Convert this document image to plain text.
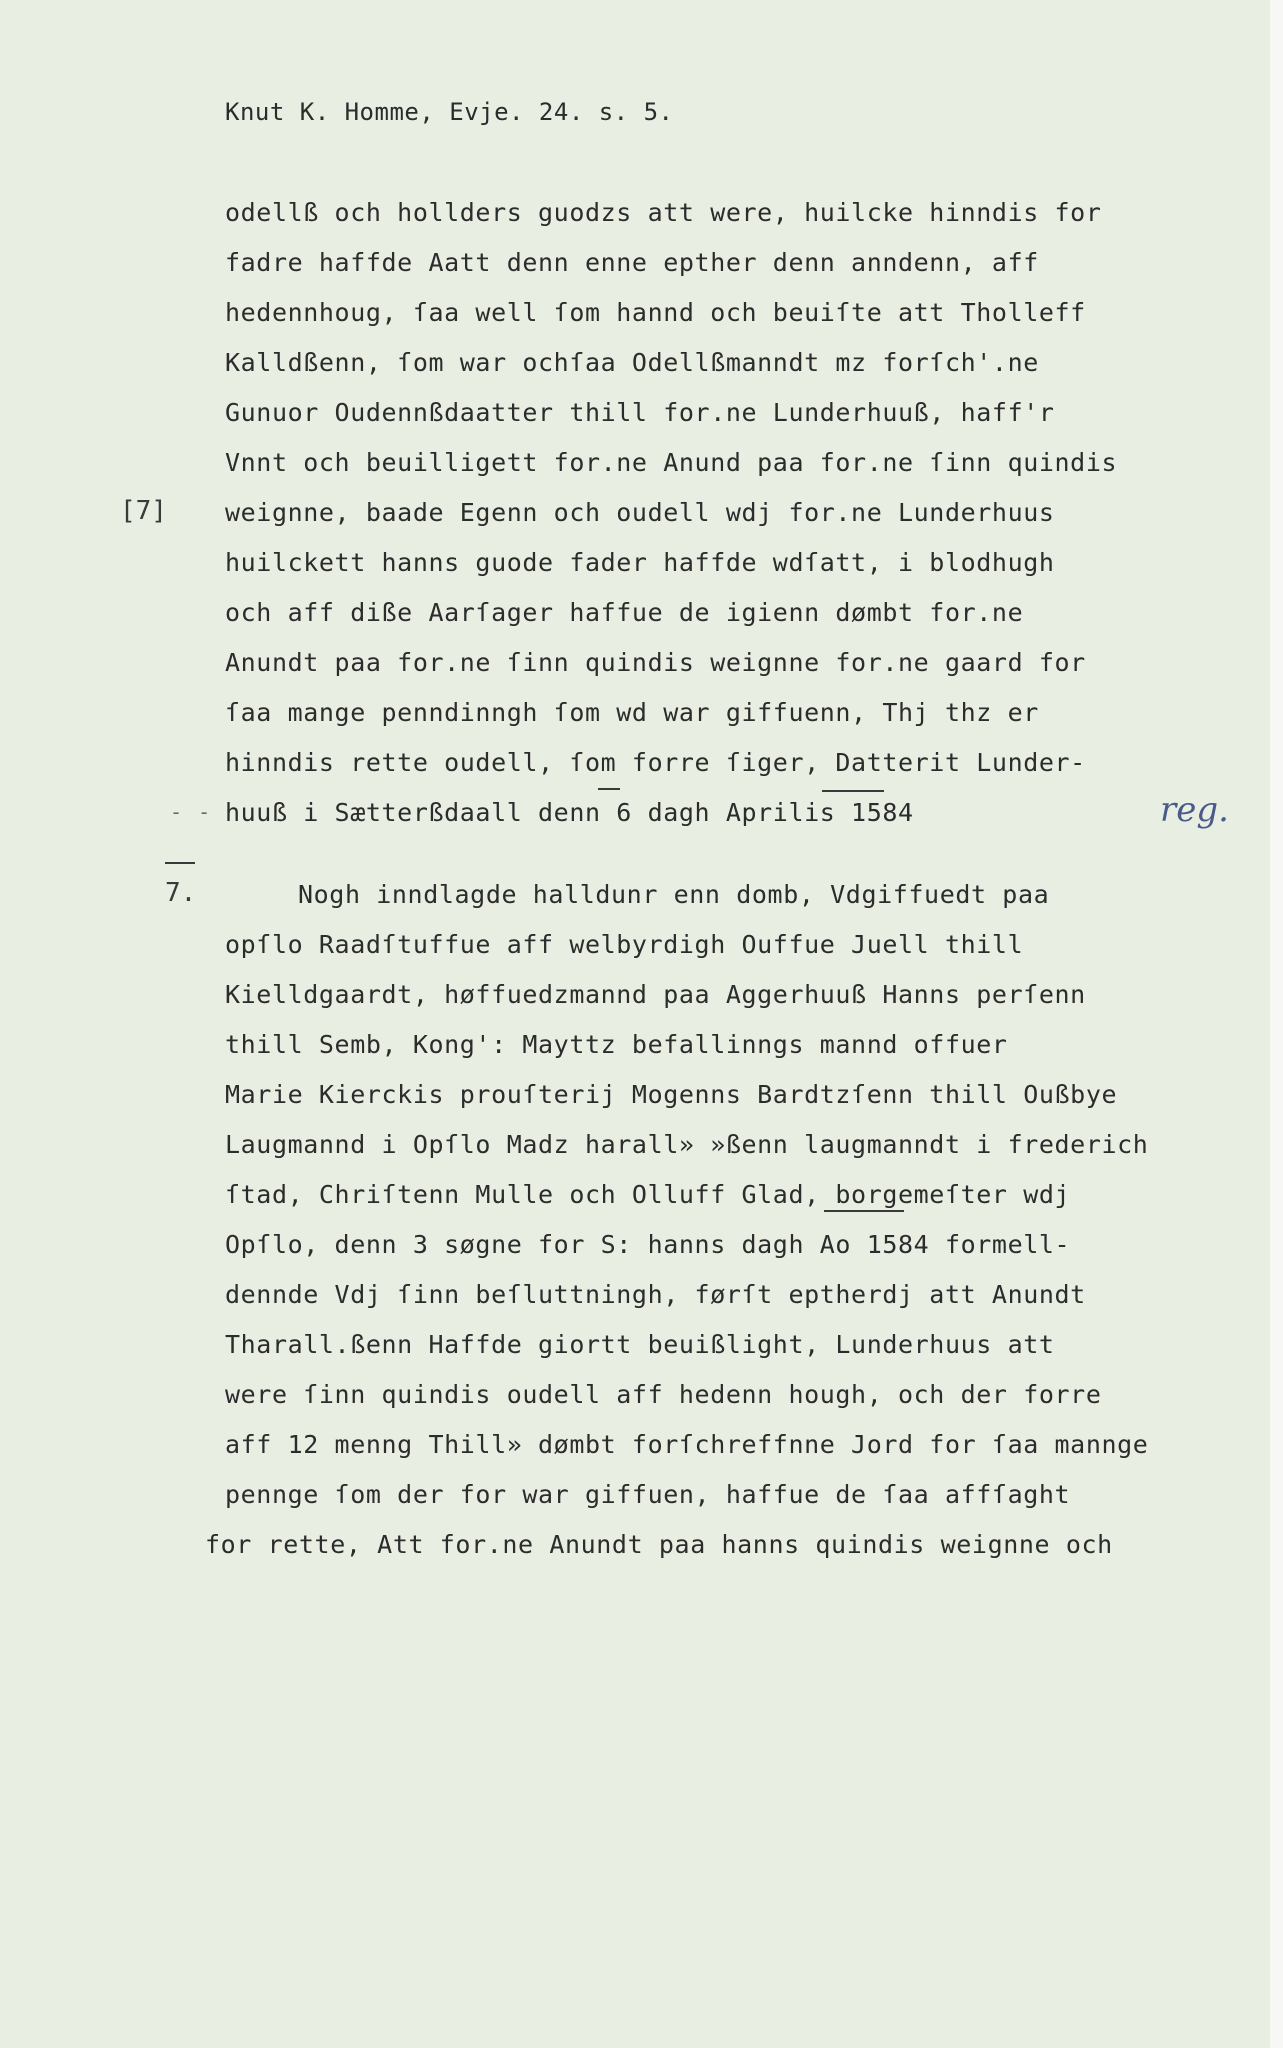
Knut K. Homme, Evje. 24. s. 5.
odellß och hollders guodzs att were, huilcke hinndis for
fadre haffde Aatt denn enne epther denn anndenn, aff
hedennhoug, ſaa well ſom hannd och beuiſte att Tholleff
Kalldßenn, ſom war ochſaa Odellßmanndt mz forſch'.ne
Gunuor Oudennßdaatter thill for.ne Lunderhuuß, haff'r
Vnnt och beuilligett for.ne Anund paa for.ne ſinn quindis
weignne, baade Egenn och oudell wdj for.ne Lunderhuus
huilckett hanns guode fader haffde wdſatt, i blodhugh
och aff diße Aarſager haffue de igienn dømbt for.ne
Anundt paa for.ne ſinn quindis weignne for.ne gaard for
ſaa mange penndinngh ſom wd war giffuenn, Thj thz er
hinndis rette oudell, ſom forre ſiger, Datterit Lunder-
huuß i Sætterßdaall denn 6 dagh Aprilis 1584
[7]
- -
7.
reg.
Nogh inndlagde halldunr enn domb, Vdgiffuedt paa
opſlo Raadſtuffue aff welbyrdigh Ouffue Juell thill
Kielldgaardt, høffuedzmannd paa Aggerhuuß Hanns perſenn
thill Semb, Kong': Mayttz befallinngs mannd offuer
Marie Kierckis prouſterij Mogenns Bardtzſenn thill Oußbye
Laugmannd i Opſlo Madz harall» »ßenn laugmanndt i frederich
ſtad, Chriſtenn Mulle och Olluff Glad, borgemeſter wdj
Opſlo, denn 3 søgne for S: hanns dagh Ao 1584 formell-
dennde Vdj ſinn beſluttningh, førſt eptherdj att Anundt
Tharall.ßenn Haffde giortt beuißlight, Lunderhuus att
were ſinn quindis oudell aff hedenn hough, och der forre
aff 12 menng Thill» dømbt forſchreffnne Jord for ſaa mannge
pennge ſom der for war giffuen, haffue de ſaa affſaght
for rette, Att for.ne Anundt paa hanns quindis weignne och
